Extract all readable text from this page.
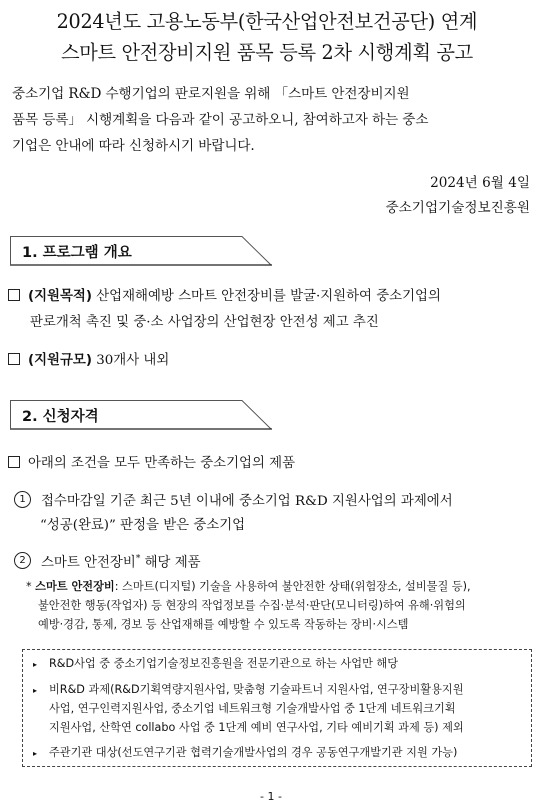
2024년도 고용노동부(한국산업안전보건공단) 연계
스마트 안전장비지원 품목 등록 2차 시행계획 공고
중소기업 R&D 수행기업의 판로지원을 위해 「스마트 안전장비지원
품목 등록」 시행계획을 다음과 같이 공고하오니, 참여하고자 하는 중소
기업은 안내에 따라 신청하시기 바랍니다.
2024년 6월 4일
중소기업기술정보진흥원
1. 프로그램 개요
(지원목적) 산업재해예방 스마트 안전장비를 발굴·지원하여 중소기업의
판로개척 촉진 및 중·소 사업장의 산업현장 안전성 제고 추진
(지원규모) 30개사 내외
2. 신청자격
아래의 조건을 모두 만족하는 중소기업의 제품
1 접수마감일 기준 최근 5년 이내에 중소기업 R&D 지원사업의 과제에서
“성공(완료)” 판정을 받은 중소기업
2 스마트 안전장비* 해당 제품
* 스마트 안전장비: 스마트(디지털) 기술을 사용하여 불안전한 상태(위험장소, 설비물질 등),
불안전한 행동(작업자) 등 현장의 작업정보를 수집·분석·판단(모니터링)하여 유해·위험의
예방·경감, 통제, 경보 등 산업재해를 예방할 수 있도록 작동하는 장비·시스템
▸ R&D사업 중 중소기업기술정보진흥원을 전문기관으로 하는 사업만 해당
▸ 비R&D 과제(R&D기획역량지원사업, 맞춤형 기술파트너 지원사업, 연구장비활용지원
사업, 연구인력지원사업, 중소기업 네트워크형 기술개발사업 중 1단계 네트워크기획
지원사업, 산학연 collabo 사업 중 1단계 예비 연구사업, 기타 예비기획 과제 등) 제외
▸ 주관기관 대상(선도연구기관 협력기술개발사업의 경우 공동연구개발기관 지원 가능)
- 1 -
